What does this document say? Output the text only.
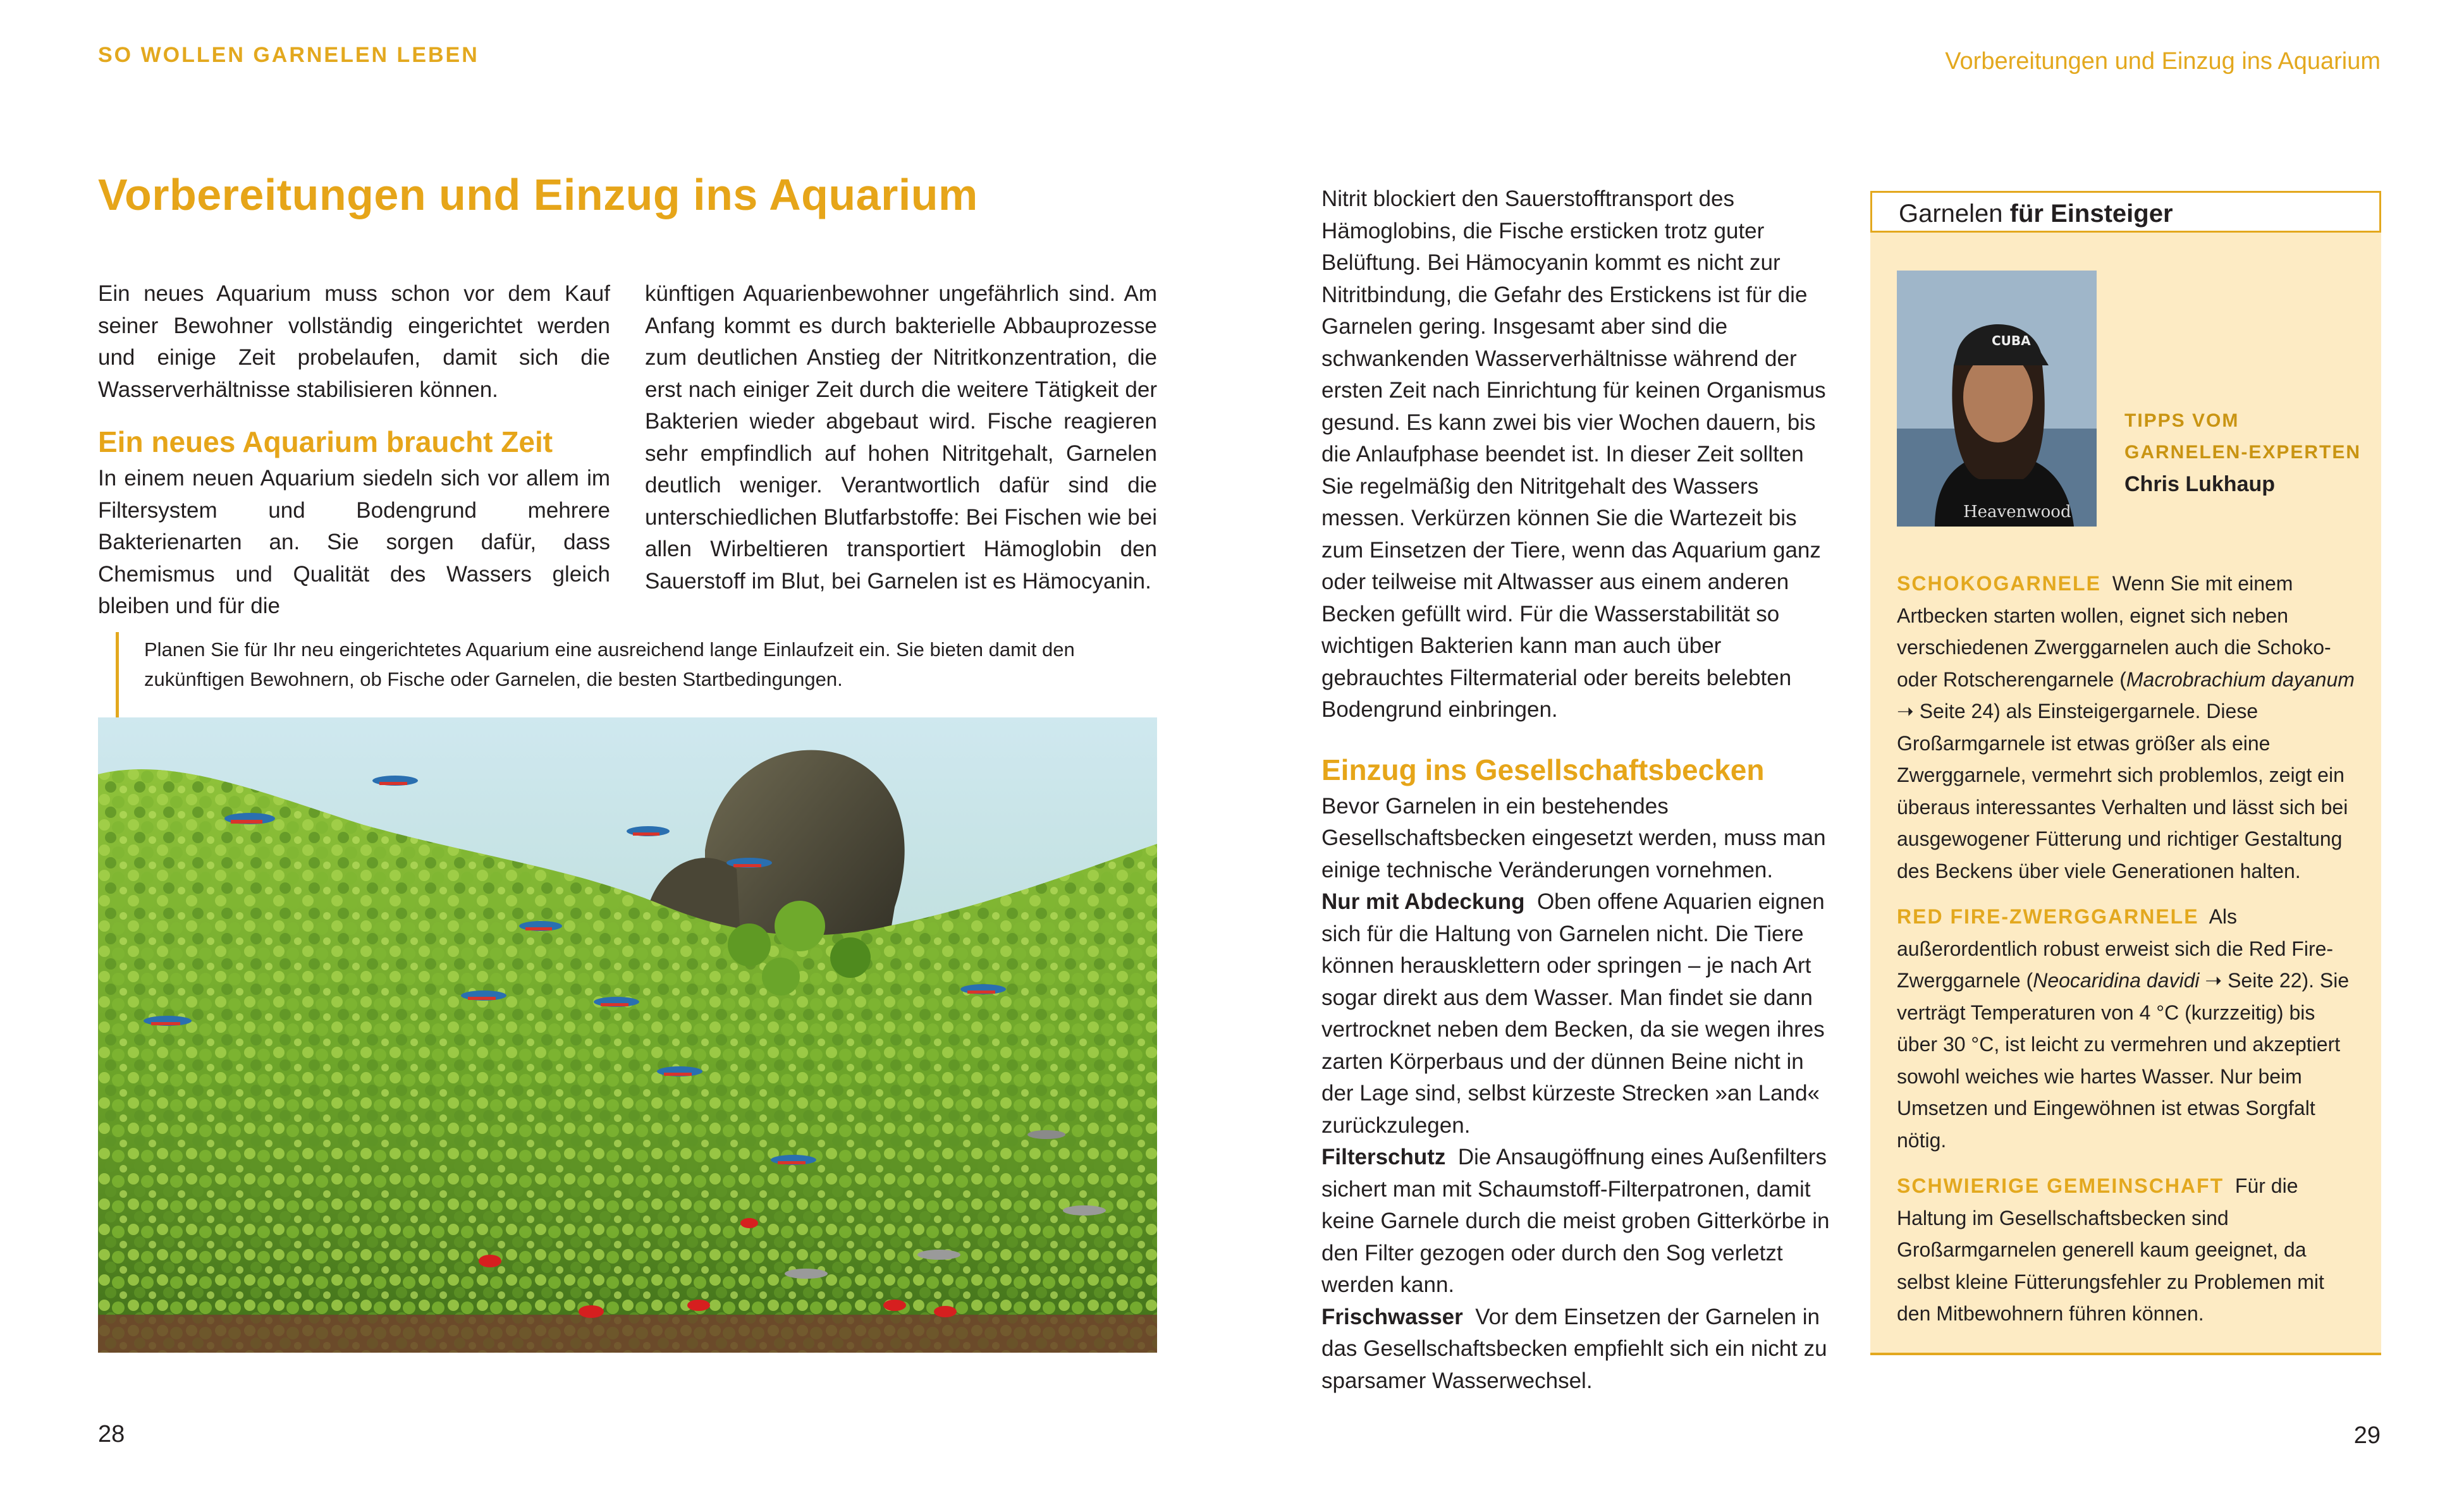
SO WOLLEN GARNELEN LEBEN	Vorbereitungen und Einzug ins Aquarium
Vorbereitungen und Einzug ins Aquarium

Ein neues Aquarium muss schon vor dem Kauf seiner Bewohner vollständig eingerichtet werden und einige Zeit probelaufen, damit sich die Wasserverhältnisse stabilisieren können.

Ein neues Aquarium braucht Zeit

In einem neuen Aquarium siedeln sich vor allem im Filtersystem und Bodengrund mehrere Bakterienarten an. Sie sorgen dafür, dass Chemismus und Qualität des Wassers gleich bleiben und für die

künftigen Aquarienbewohner ungefährlich sind. Am Anfang kommt es durch bakterielle Abbauprozesse zum deutlichen Anstieg der Nitritkonzentration, die erst nach einiger Zeit durch die weitere Tätigkeit der Bakterien wieder abgebaut wird. Fische reagieren sehr empfindlich auf hohen Nitritgehalt, Garnelen deutlich weniger. Verantwortlich dafür sind die unterschiedlichen Blutfarbstoffe: Bei Fischen wie bei allen Wirbeltieren transportiert Hämoglobin den Sauerstoff im Blut, bei Garnelen ist es Hämocyanin.

Planen Sie für Ihr neu eingerichtetes Aquarium eine ausreichend lange Einlaufzeit ein. Sie bieten damit den zukünftigen Bewohnern, ob Fische oder Garnelen, die besten Startbedingungen.

Nitrit blockiert den Sauerstofftransport des Hämoglobins, die Fische ersticken trotz guter Belüftung. Bei Hämocyanin kommt es nicht zur Nitritbindung, die Gefahr des Erstickens ist für die Garnelen gering. Insgesamt aber sind die schwankenden Wasserverhältnisse während der ersten Zeit nach Einrichtung für keinen Organismus gesund. Es kann zwei bis vier Wochen dauern, bis die Anlaufphase beendet ist. In dieser Zeit sollten Sie regelmäßig den Nitritgehalt des Wassers messen. Verkürzen können Sie die Wartezeit bis zum Einsetzen der Tiere, wenn das Aquarium ganz oder teilweise mit Altwasser aus einem anderen Becken gefüllt wird. Für die Wasserstabilität so wichtigen Bakterien kann man auch über gebrauchtes Filtermaterial oder bereits belebten Bodengrund einbringen.

Einzug ins Gesellschaftsbecken

Bevor Garnelen in ein bestehendes Gesellschaftsbecken eingesetzt werden, muss man einige technische Veränderungen vornehmen.

Nur mit Abdeckung Oben offene Aquarien eignen sich für die Haltung von Garnelen nicht. Die Tiere können herausklettern oder springen – je nach Art sogar direkt aus dem Wasser. Man findet sie dann vertrocknet neben dem Becken, da sie wegen ihres zarten Körperbaus und der dünnen Beine nicht in der Lage sind, selbst kürzeste Strecken »an Land« zurückzulegen.

Filterschutz Die Ansaugöffnung eines Außenfilters sichert man mit Schaumstoff-Filterpatronen, damit keine Garnele durch die meist groben Gitterkörbe in den Filter gezogen oder durch den Sog verletzt werden kann.

Frischwasser Vor dem Einsetzen der Garnelen in das Gesellschaftsbecken empfiehlt sich ein nicht zu sparsamer Wasserwechsel.

Garnelen für Einsteiger
CUBA
Heavenwood
TIPPS VOM
GARNELEN-EXPERTEN
Chris Lukhaup

SCHOKOGARNELE Wenn Sie mit einem Artbecken starten wollen, eignet sich neben verschiedenen Zwerggarnelen auch die Schoko- oder Rotscherengarnele (Macrobrachium dayanum ➝ Seite 24) als Einsteigergarnele. Diese Großarmgarnele ist etwas größer als eine Zwerggarnele, vermehrt sich problemlos, zeigt ein überaus interessantes Verhalten und lässt sich bei ausgewogener Fütterung und richtiger Gestaltung des Beckens über viele Generationen halten.

RED FIRE-ZWERGGARNELE Als außerordentlich robust erweist sich die Red Fire-Zwerggarnele (Neocaridina davidi ➝ Seite 22). Sie verträgt Temperaturen von 4 °C (kurzzeitig) bis über 30 °C, ist leicht zu vermehren und akzeptiert sowohl weiches wie hartes Wasser. Nur beim Umsetzen und Eingewöhnen ist etwas Sorgfalt nötig.

SCHWIERIGE GEMEINSCHAFT Für die Haltung im Gesellschaftsbecken sind Großarmgarnelen generell kaum geeignet, da selbst kleine Fütterungsfehler zu Problemen mit den Mitbewohnern führen können.

28	29
